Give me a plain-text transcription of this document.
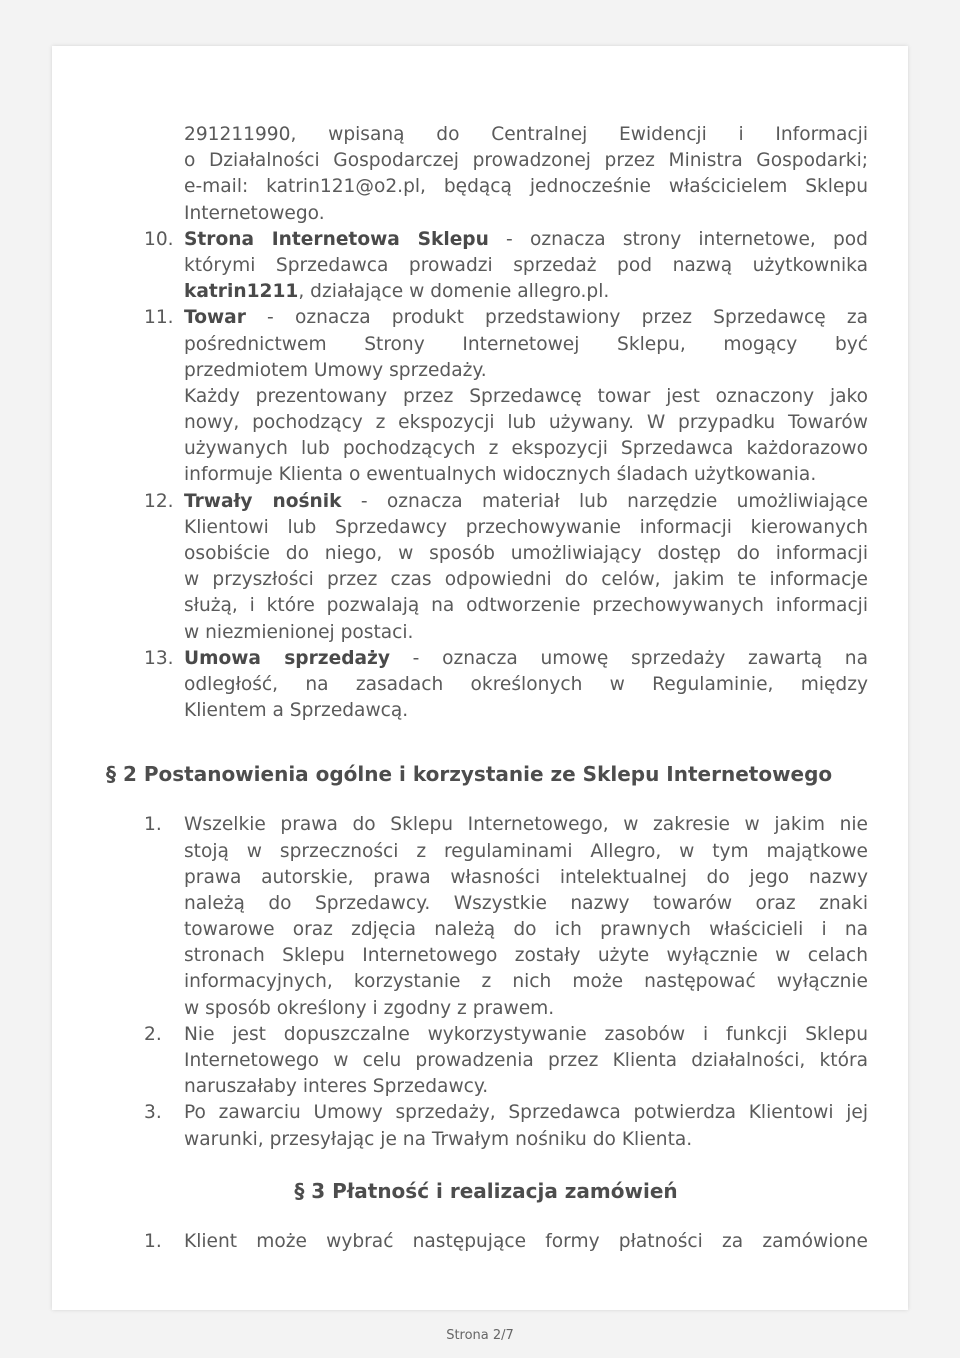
291211990, wpisaną do Centralnej Ewidencji i Informacji
o Działalności Gospodarczej prowadzonej przez Ministra Gospodarki;
e-mail: katrin121@o2.pl, będącą jednocześnie właścicielem Sklepu
Internetowego.
10. Strona Internetowa Sklepu - oznacza strony internetowe, pod
którymi Sprzedawca prowadzi sprzedaż pod nazwą użytkownika
katrin1211, działające w domenie allegro.pl.
11. Towar - oznacza produkt przedstawiony przez Sprzedawcę za
pośrednictwem Strony Internetowej Sklepu, mogący być
przedmiotem Umowy sprzedaży.
Każdy prezentowany przez Sprzedawcę towar jest oznaczony jako
nowy, pochodzący z ekspozycji lub używany. W przypadku Towarów
używanych lub pochodzących z ekspozycji Sprzedawca każdorazowo
informuje Klienta o ewentualnych widocznych śladach użytkowania.
12. Trwały nośnik - oznacza materiał lub narzędzie umożliwiające
Klientowi lub Sprzedawcy przechowywanie informacji kierowanych
osobiście do niego, w sposób umożliwiający dostęp do informacji
w przyszłości przez czas odpowiedni do celów, jakim te informacje
służą, i które pozwalają na odtworzenie przechowywanych informacji
w niezmienionej postaci.
13. Umowa sprzedaży - oznacza umowę sprzedaży zawartą na
odległość, na zasadach określonych w Regulaminie, między
Klientem a Sprzedawcą.
§ 2 Postanowienia ogólne i korzystanie ze Sklepu Internetowego
1. Wszelkie prawa do Sklepu Internetowego, w zakresie w jakim nie
stoją w sprzeczności z regulaminami Allegro, w tym majątkowe
prawa autorskie, prawa własności intelektualnej do jego nazwy
należą do Sprzedawcy. Wszystkie nazwy towarów oraz znaki
towarowe oraz zdjęcia należą do ich prawnych właścicieli i na
stronach Sklepu Internetowego zostały użyte wyłącznie w celach
informacyjnych, korzystanie z nich może następować wyłącznie
w sposób określony i zgodny z prawem.
2. Nie jest dopuszczalne wykorzystywanie zasobów i funkcji Sklepu
Internetowego w celu prowadzenia przez Klienta działalności, która
naruszałaby interes Sprzedawcy.
3. Po zawarciu Umowy sprzedaży, Sprzedawca potwierdza Klientowi jej
warunki, przesyłając je na Trwałym nośniku do Klienta.
§ 3 Płatność i realizacja zamówień
1. Klient może wybrać następujące formy płatności za zamówione
Strona 2/7
